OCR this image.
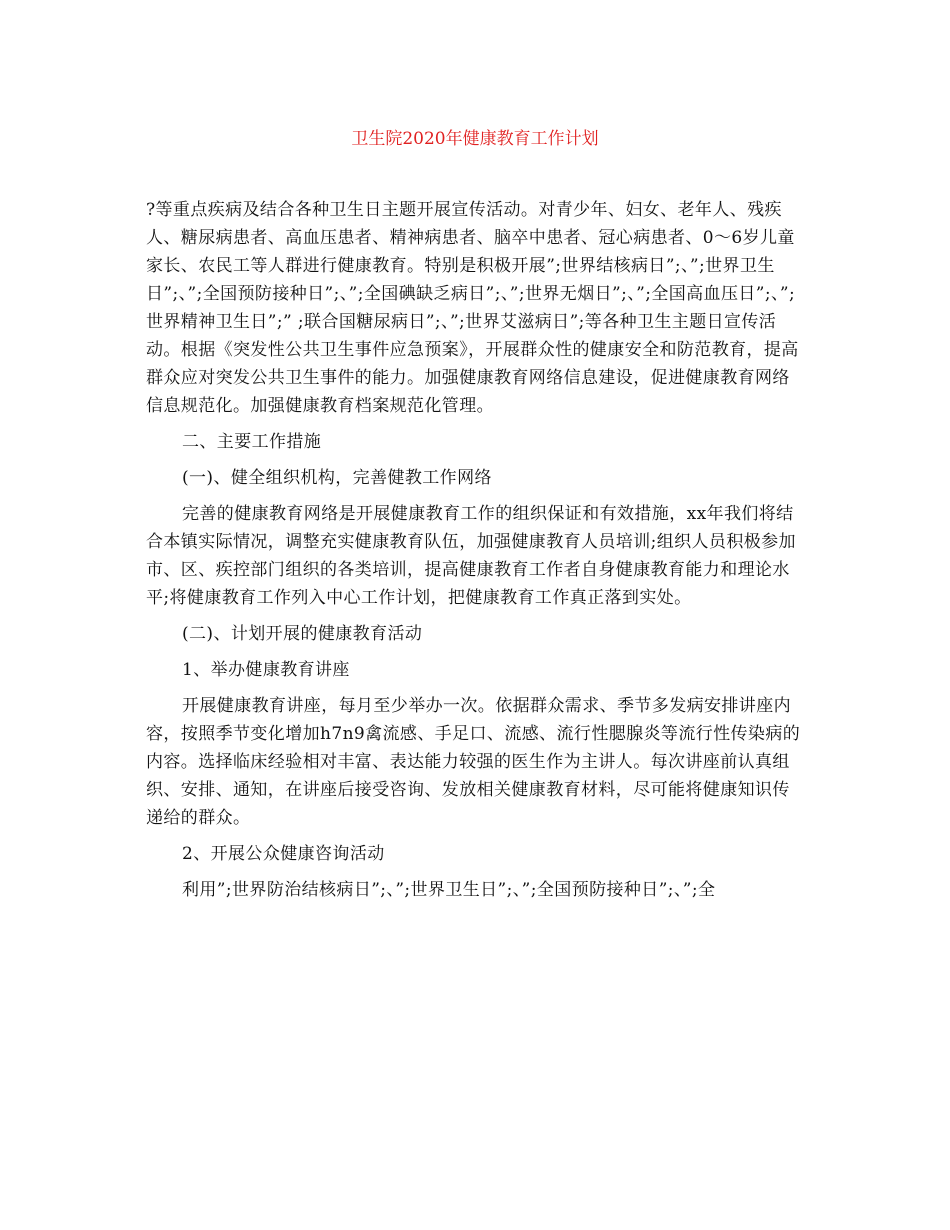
卫生院2020年健康教育工作计划

?等重点疾病及结合各种卫生日主题开展宣传活动。对青少年、妇女、老年人、残疾人、糖尿病患者、高血压患者、精神病患者、脑卒中患者、冠心病患者、0～6岁儿童家长、农民工等人群进行健康教育。特别是积极开展”;世界结核病日”;、”;世界卫生日”;、”;全国预防接种日”;、”;全国碘缺乏病日”;、”;世界无烟日”;、”;全国高血压日”;、”;世界精神卫生日”;” ;联合国糖尿病日”;、”;世界艾滋病日”;等各种卫生主题日宣传活动。根据《突发性公共卫生事件应急预案》，开展群众性的健康安全和防范教育，提高群众应对突发公共卫生事件的能力。加强健康教育网络信息建设，促进健康教育网络信息规范化。加强健康教育档案规范化管理。

二、主要工作措施

(一)、健全组织机构，完善健教工作网络

完善的健康教育网络是开展健康教育工作的组织保证和有效措施，xx年我们将结合本镇实际情况，调整充实健康教育队伍，加强健康教育人员培训;组织人员积极参加市、区、疾控部门组织的各类培训，提高健康教育工作者自身健康教育能力和理论水平;将健康教育工作列入中心工作计划，把健康教育工作真正落到实处。

(二)、计划开展的健康教育活动

1、举办健康教育讲座

开展健康教育讲座，每月至少举办一次。依据群众需求、季节多发病安排讲座内容，按照季节变化增加h7n9禽流感、手足口、流感、流行性腮腺炎等流行性传染病的内容。选择临床经验相对丰富、表达能力较强的医生作为主讲人。每次讲座前认真组织、安排、通知，在讲座后接受咨询、发放相关健康教育材料，尽可能将健康知识传递给的群众。

2、开展公众健康咨询活动

利用”;世界防治结核病日”;、”;世界卫生日”;、”;全国预防接种日”;、”;全
